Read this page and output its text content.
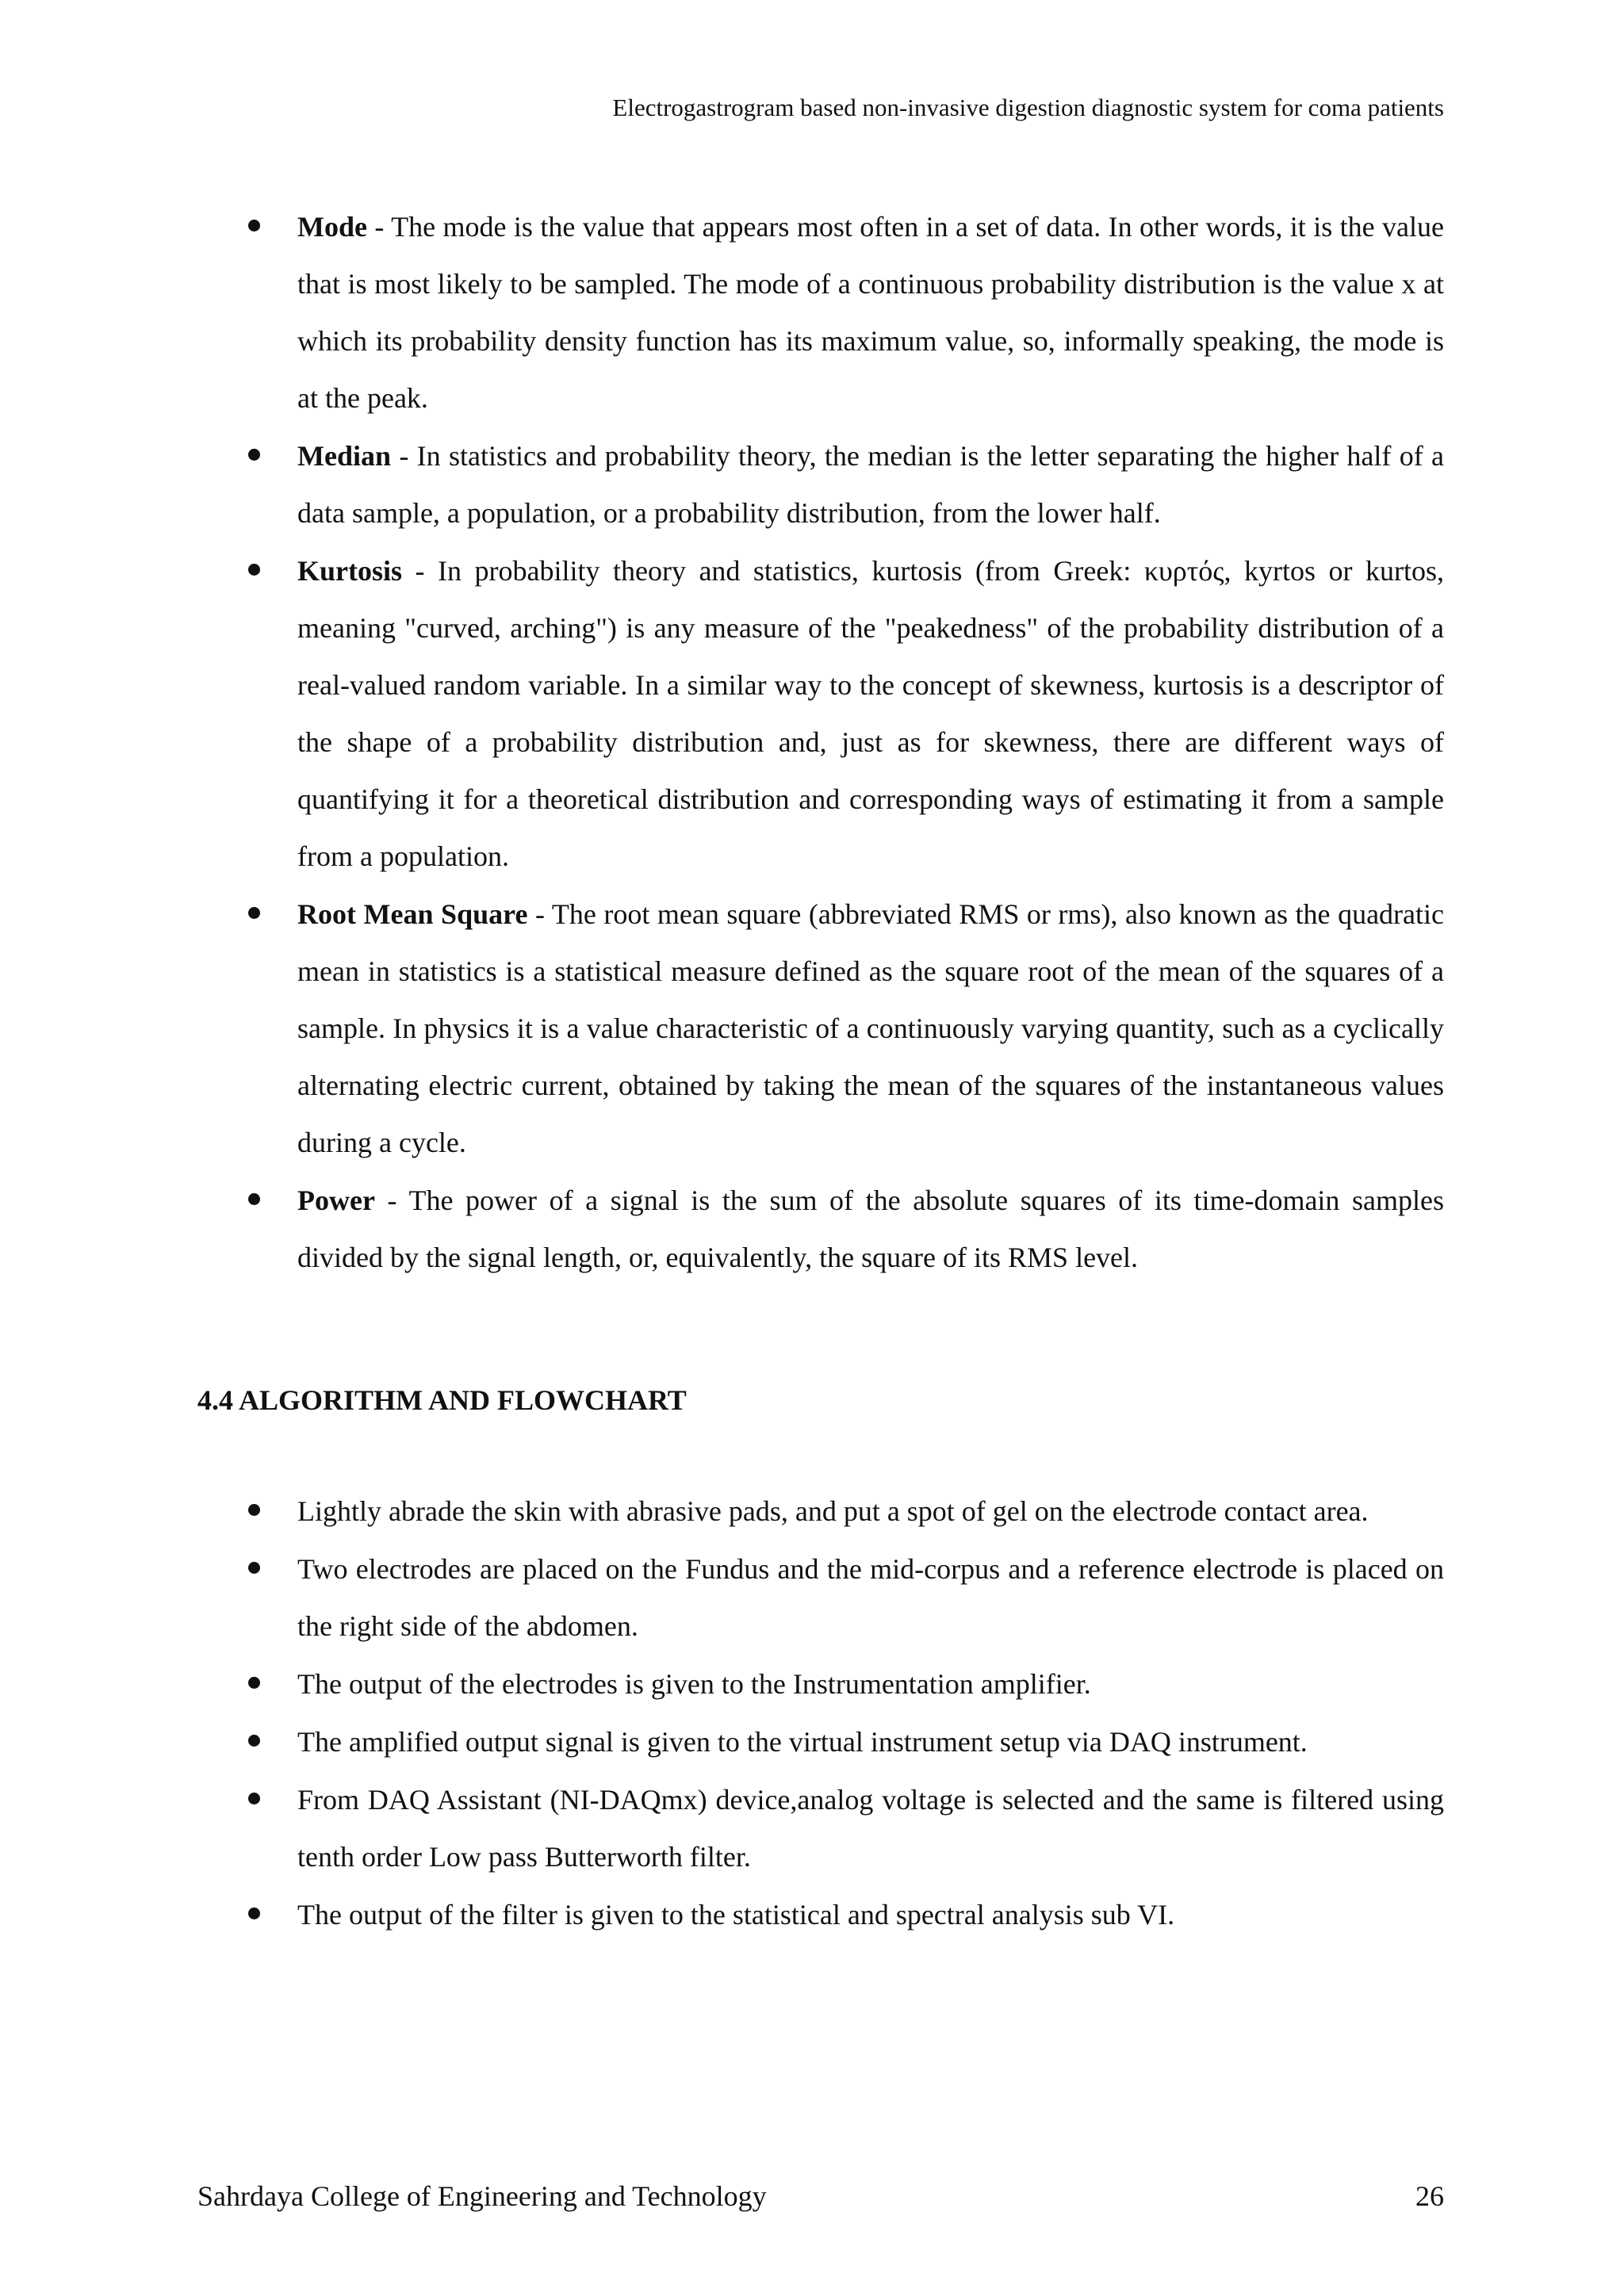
Electrogastrogram based non-invasive digestion diagnostic system for coma patients
Mode - The mode is the value that appears most often in a set of data. In other words, it is the value that is most likely to be sampled. The mode of a continuous probability distribution is the value x at which its probability density function has its maximum value, so, informally speaking, the mode is at the peak.
Median - In statistics and probability theory, the median is the letter separating the higher half of a data sample, a population, or a probability distribution, from the lower half.
Kurtosis - In probability theory and statistics, kurtosis (from Greek: κυρτός, kyrtos or kurtos, meaning "curved, arching") is any measure of the "peakedness" of the probability distribution of a real-valued random variable. In a similar way to the concept of skewness, kurtosis is a descriptor of the shape of a probability distribution and, just as for skewness, there are different ways of quantifying it for a theoretical distribution and corresponding ways of estimating it from a sample from a population.
Root Mean Square - The root mean square (abbreviated RMS or rms), also known as the quadratic mean in statistics is a statistical measure defined as the square root of the mean of the squares of a sample. In physics it is a value characteristic of a continuously varying quantity, such as a cyclically alternating electric current, obtained by taking the mean of the squares of the instantaneous values during a cycle.
Power - The power of a signal is the sum of the absolute squares of its time-domain samples divided by the signal length, or, equivalently, the square of its RMS level.
4.4 ALGORITHM AND FLOWCHART
Lightly abrade the skin with abrasive pads, and put a spot of gel on the electrode contact area.
Two electrodes are placed on the Fundus and the mid-corpus and a reference electrode is placed on the right side of the abdomen.
The output of the electrodes is given to the Instrumentation amplifier.
The amplified output signal is given to the virtual instrument setup via DAQ instrument.
From DAQ Assistant (NI-DAQmx) device,analog voltage is selected and the same is filtered using tenth order Low pass Butterworth filter.
The output of the filter is given to the statistical and spectral analysis sub VI.
Sahrdaya College of Engineering and Technology	26
